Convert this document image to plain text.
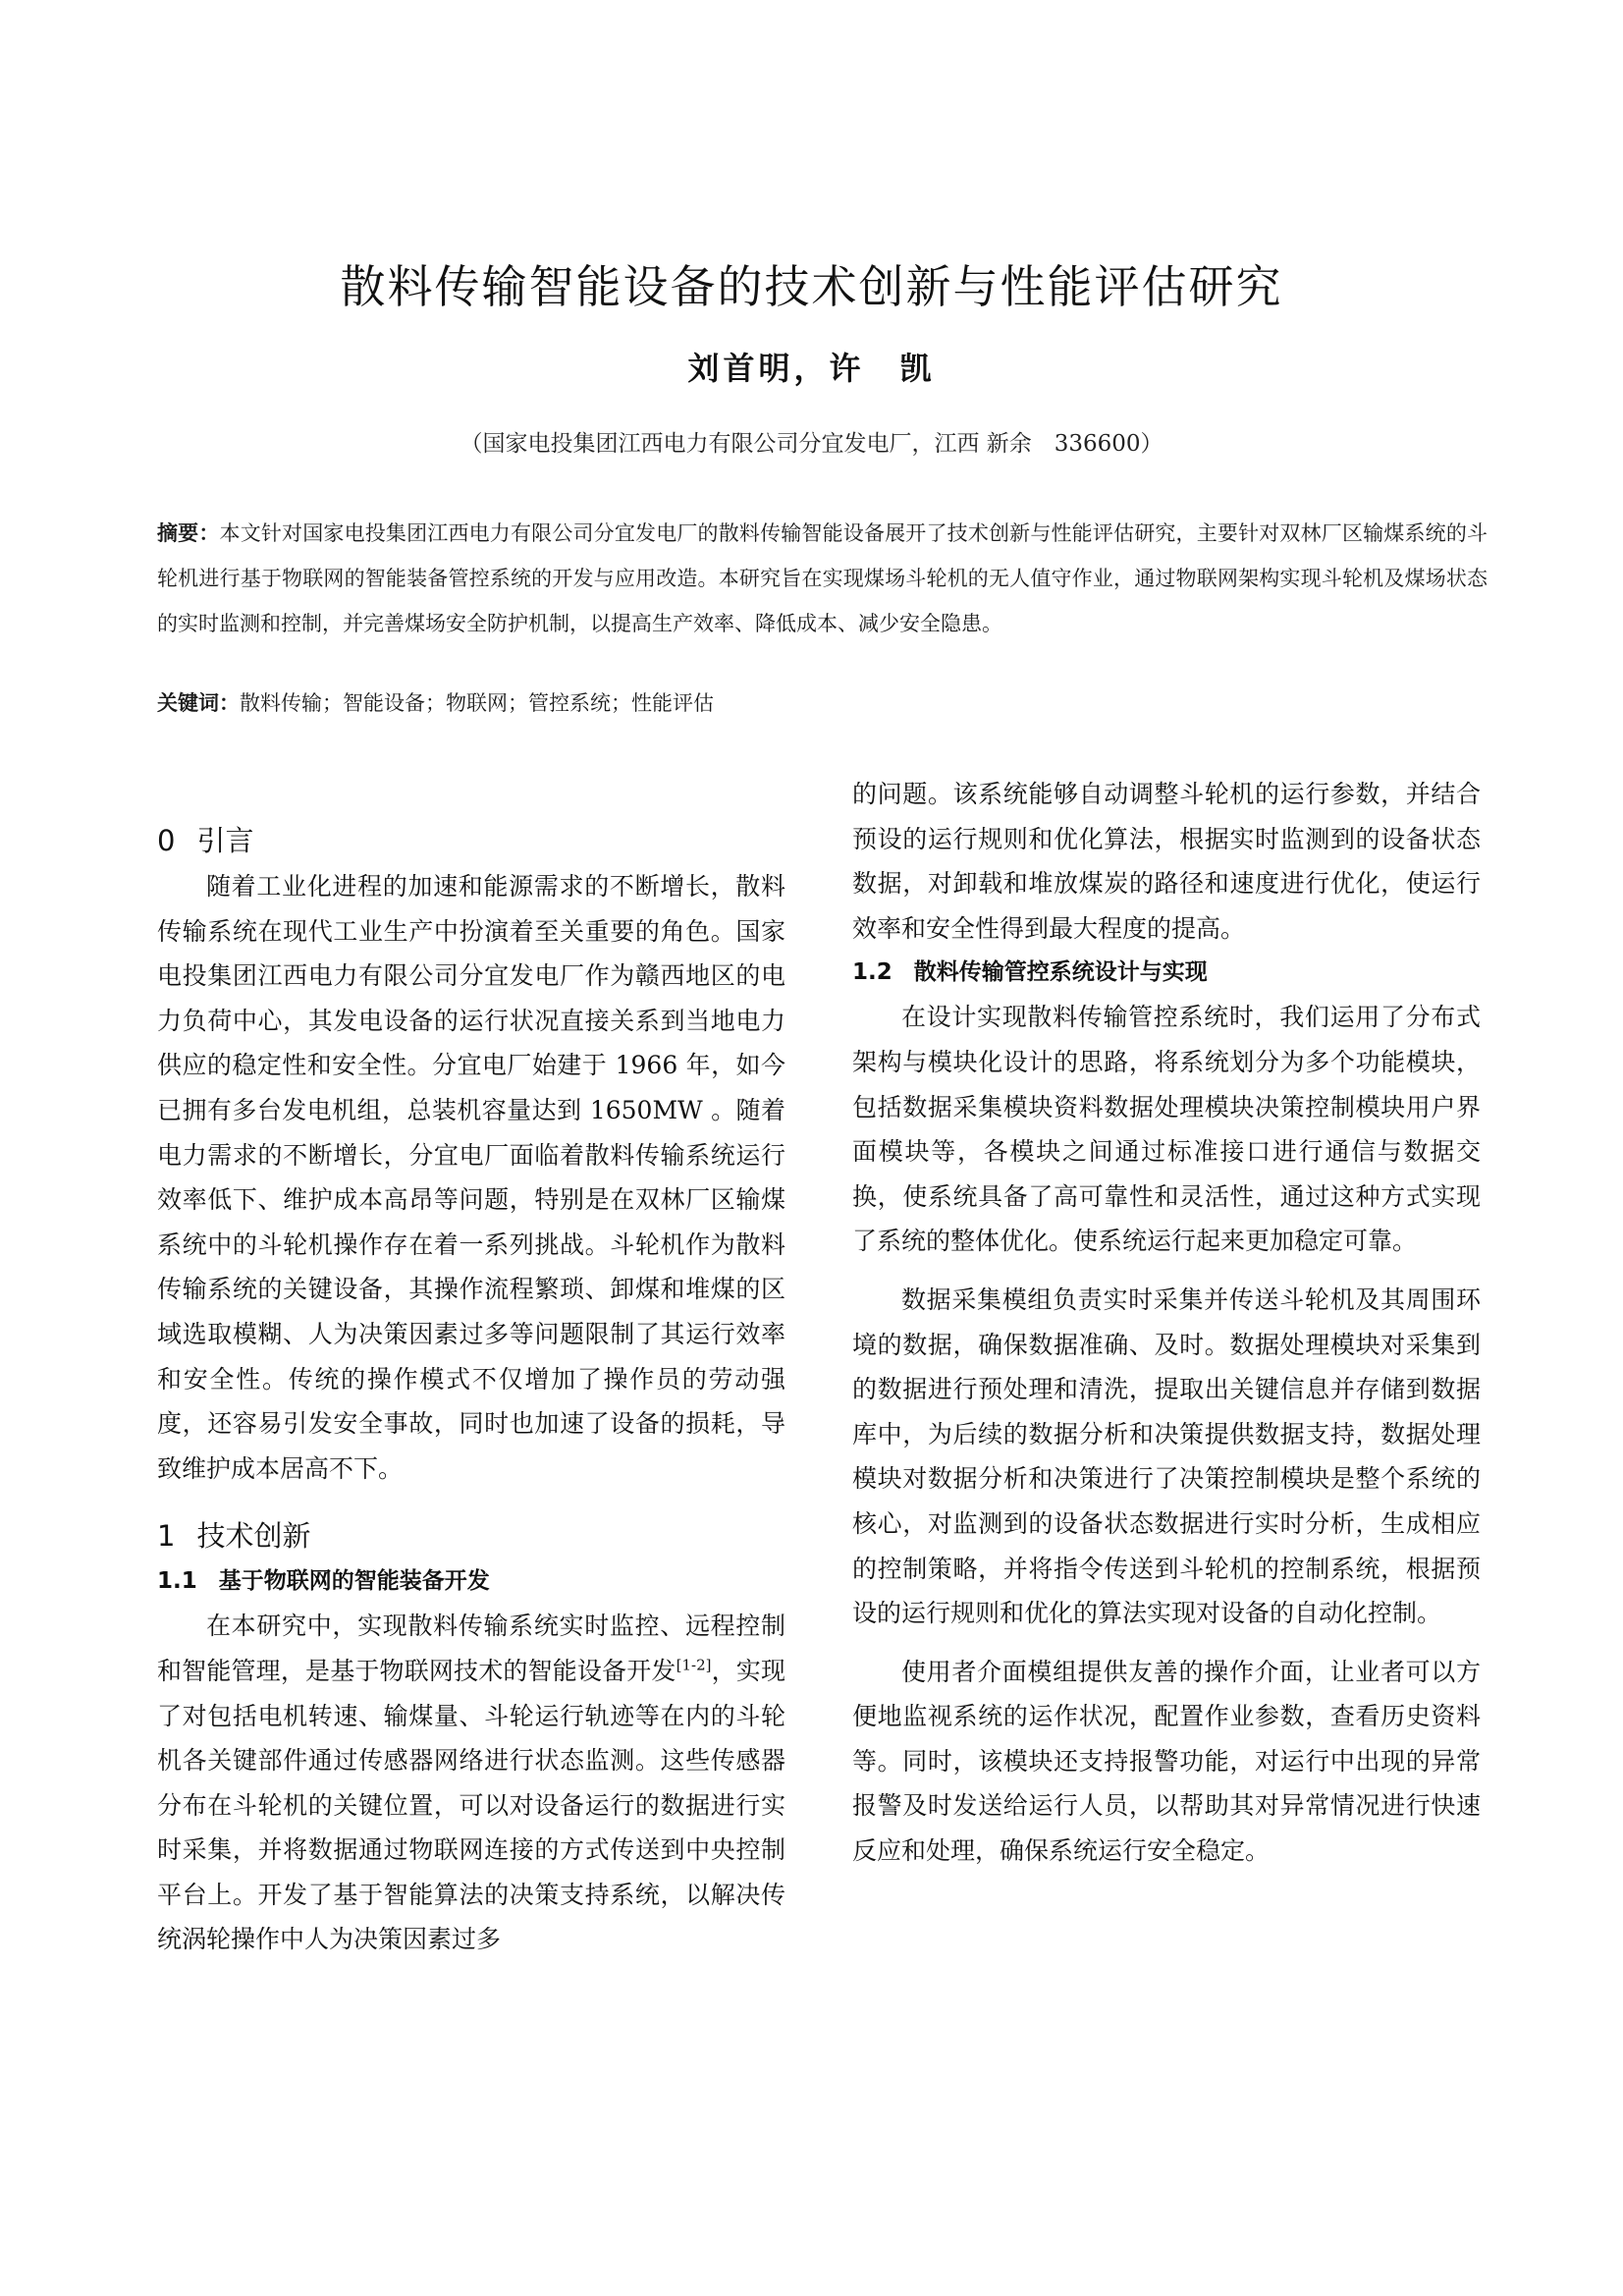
散料传输智能设备的技术创新与性能评估研究
刘首明，许　凯
（国家电投集团江西电力有限公司分宜发电厂，江西 新余　336600）
摘要：本文针对国家电投集团江西电力有限公司分宜发电厂的散料传输智能设备展开了技术创新与性能评估研究，主要针对双林厂区输煤系统的斗轮机进行基于物联网的智能装备管控系统的开发与应用改造。本研究旨在实现煤场斗轮机的无人值守作业，通过物联网架构实现斗轮机及煤场状态的实时监测和控制，并完善煤场安全防护机制，以提高生产效率、降低成本、减少安全隐患。
关键词：散料传输；智能设备；物联网；管控系统；性能评估
0 引言

随着工业化进程的加速和能源需求的不断增长，散料传输系统在现代工业生产中扮演着至关重要的角色。国家电投集团江西电力有限公司分宜发电厂作为赣西地区的电力负荷中心，其发电设备的运行状况直接关系到当地电力供应的稳定性和安全性。分宜电厂始建于 1966 年，如今已拥有多台发电机组，总装机容量达到 1650MW 。随着电力需求的不断增长，分宜电厂面临着散料传输系统运行效率低下、维护成本高昂等问题，特别是在双林厂区输煤系统中的斗轮机操作存在着一系列挑战。斗轮机作为散料传输系统的关键设备，其操作流程繁琐、卸煤和堆煤的区域选取模糊、人为决策因素过多等问题限制了其运行效率和安全性。传统的操作模式不仅增加了操作员的劳动强度，还容易引发安全事故，同时也加速了设备的损耗，导致维护成本居高不下。

1 技术创新
1.1 基于物联网的智能装备开发

在本研究中，实现散料传输系统实时监控、远程控制和智能管理，是基于物联网技术的智能设备开发[1-2]，实现了对包括电机转速、输煤量、斗轮运行轨迹等在内的斗轮机各关键部件通过传感器网络进行状态监测。这些传感器分布在斗轮机的关键位置，可以对设备运行的数据进行实时采集，并将数据通过物联网连接的方式传送到中央控制平台上。开发了基于智能算法的决策支持系统，以解决传统涡轮操作中人为决策因素过多

的问题。该系统能够自动调整斗轮机的运行参数，并结合预设的运行规则和优化算法，根据实时监测到的设备状态数据，对卸载和堆放煤炭的路径和速度进行优化，使运行效率和安全性得到最大程度的提高。

1.2 散料传输管控系统设计与实现

在设计实现散料传输管控系统时，我们运用了分布式架构与模块化设计的思路，将系统划分为多个功能模块，包括数据采集模块资料数据处理模块决策控制模块用户界面模块等，各模块之间通过标准接口进行通信与数据交换，使系统具备了高可靠性和灵活性，通过这种方式实现了系统的整体优化。使系统运行起来更加稳定可靠。

数据采集模组负责实时采集并传送斗轮机及其周围环境的数据，确保数据准确、及时。数据处理模块对采集到的数据进行预处理和清洗，提取出关键信息并存储到数据库中，为后续的数据分析和决策提供数据支持，数据处理模块对数据分析和决策进行了决策控制模块是整个系统的核心，对监测到的设备状态数据进行实时分析，生成相应的控制策略，并将指令传送到斗轮机的控制系统，根据预设的运行规则和优化的算法实现对设备的自动化控制。

使用者介面模组提供友善的操作介面，让业者可以方便地监视系统的运作状况，配置作业参数，查看历史资料等。同时，该模块还支持报警功能，对运行中出现的异常报警及时发送给运行人员，以帮助其对异常情况进行快速反应和处理，确保系统运行安全稳定。
